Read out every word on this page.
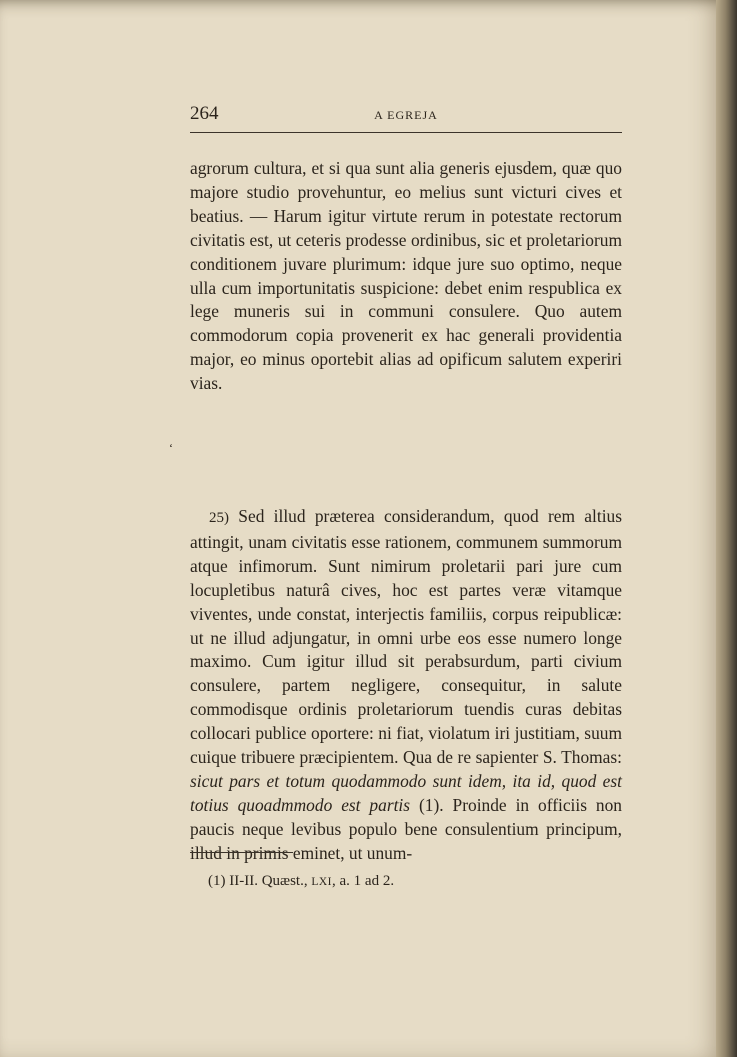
264	A EGREJA

agrorum cultura, et si qua sunt alia generis ejusdem, quæ quo majore studio provehuntur, eo melius sunt victuri cives et beatius. — Harum igitur virtute rerum in potestate rectorum civitatis est, ut ceteris prodesse ordinibus, sic et proletariorum conditionem juvare plurimum: idque jure suo optimo, neque ulla cum importunitatis suspicione: debet enim respublica ex lege muneris sui in communi consulere. Quo autem commodorum copia provenerit ex hac generali providentia major, eo minus oportebit alias ad opificum salutem experiri vias.

ʻ

25) Sed illud præterea considerandum, quod rem altius attingit, unam civitatis esse rationem, communem summorum atque infimorum. Sunt nimirum proletarii pari jure cum locupletibus naturâ cives, hoc est partes veræ vitamque viventes, unde constat, interjectis familiis, corpus reipublicæ: ut ne illud adjungatur, in omni urbe eos esse numero longe maximo. Cum igitur illud sit perabsurdum, parti civium consulere, partem negligere, consequitur, in salute commodisque ordinis proletariorum tuendis curas debitas collocari publice oportere: ni fiat, violatum iri justitiam, suum cuique tribuere præcipientem. Qua de re sapienter S. Thomas: sicut pars et totum quodammodo sunt idem, ita id, quod est totius quoadmmodo est partis (1). Proinde in officiis non paucis neque levibus populo bene consulentium principum, illud in primis eminet, ut unum-

(1) II-II. Quæst., LXI, a. 1 ad 2.
